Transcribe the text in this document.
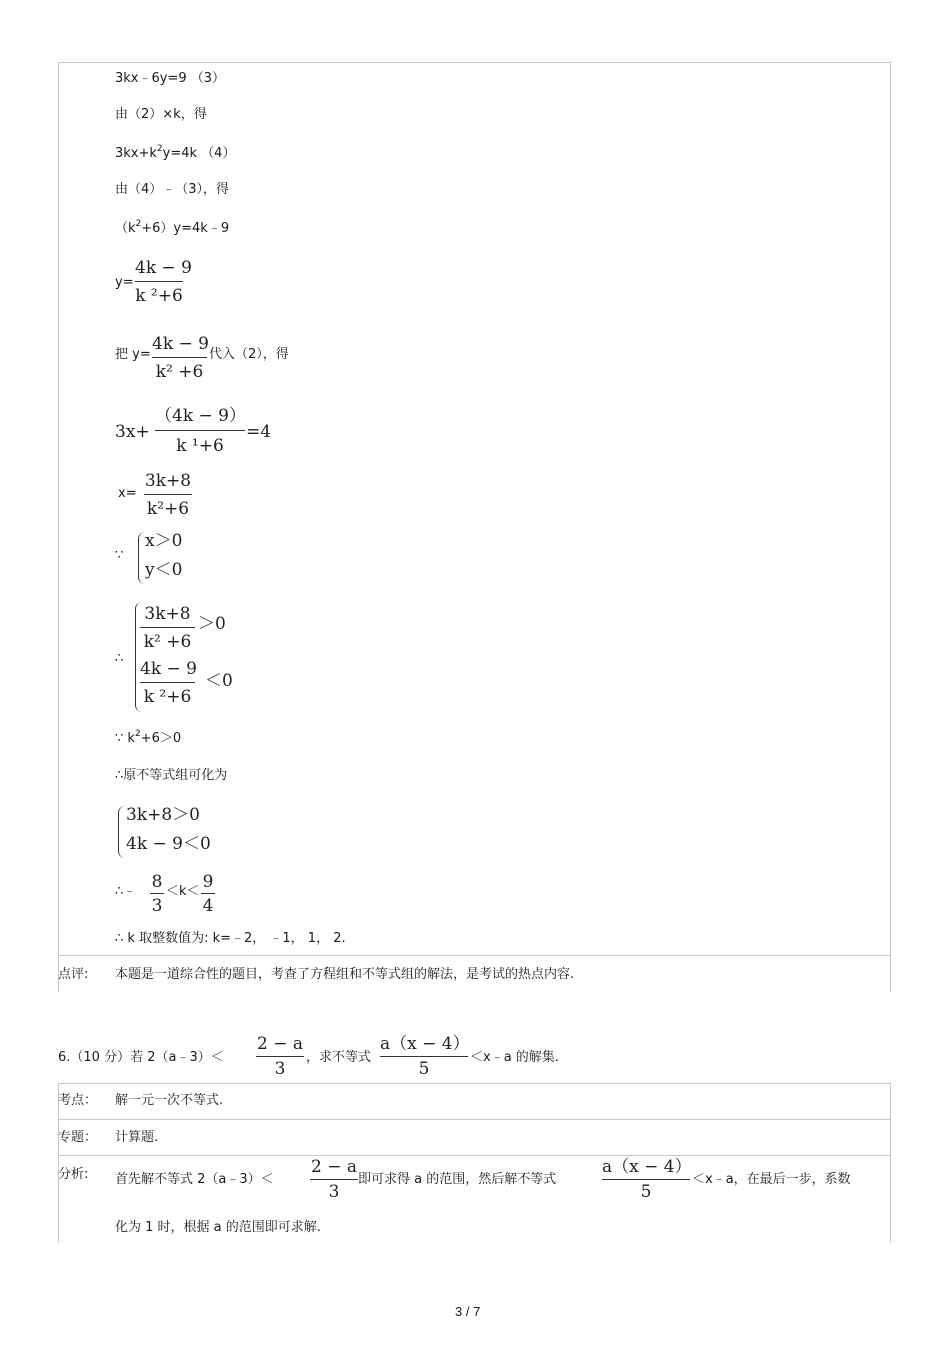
3kx﹣6y=9 （3）
由（2）×k，得
$3kx+k^2y=4k$ （4）
由（4）﹣（3），得
$(k^2+6)y=4k﹣9$
y=
4k − 9
k ²+6
把 y=
4k − 9
k² +6
代入（2），得
3x+
（4k − 9）
k ¹+6
=4
x=
3k+8
k²+6
∵
x＞0
y＜0
∴
3k+8
k² +6
＞0
4k − 9
k ²+6
＜0
∵ $k^2+6>0$
∴原不等式组可化为
3k+8＞0
4k − 9＜0
∴﹣ 8
3
＜k＜ 9
4
∴ k 取整数值为: k=﹣2， ﹣1， 1， 2.
点评: 本题是一道综合性的题目，考查了方程组和不等式组的解法，是考试的热点内容.
6.（10 分）若 2（a﹣3）＜
2 − a
3
，求不等式
a（x − 4）
5
＜x﹣a 的解集.
考点： 解一元一次不等式.
专题： 计算题.
分析: 首先解不等式 2（a﹣3）＜
2 − a
3
即可求得 a 的范围，然后解不等式
a（x − 4）
5
＜x﹣a，在最后一步，系数
化为 1 时，根据 a 的范围即可求解.
3 / 7
